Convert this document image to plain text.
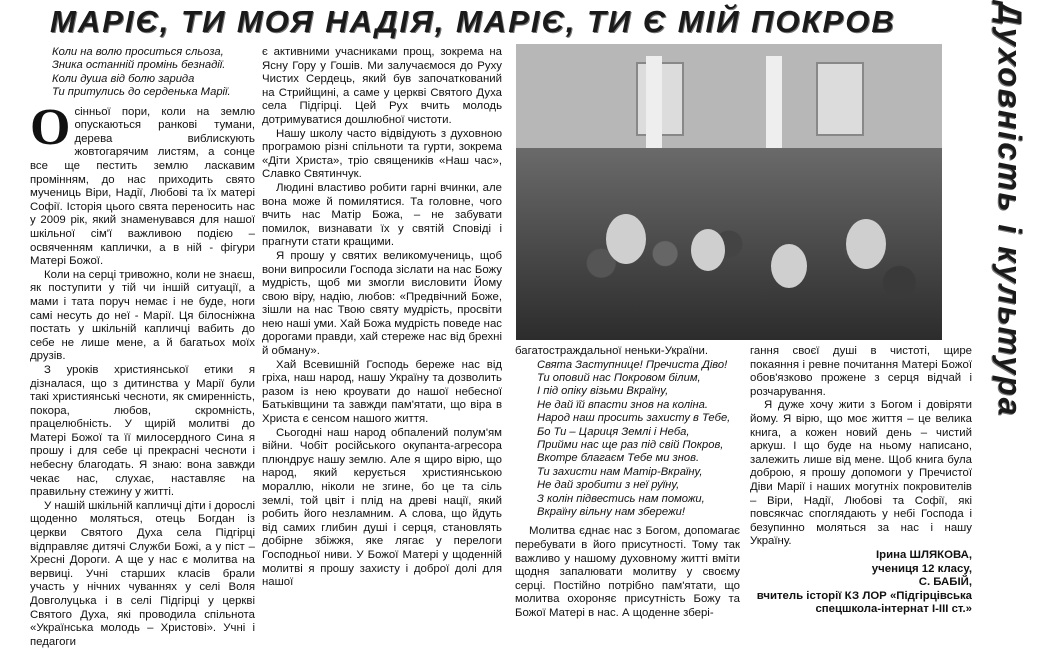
МАРІЄ, ТИ МОЯ НАДІЯ, МАРІЄ, ТИ Є МІЙ ПОКРОВ	Духовність і культура
Коли на волю проситься сльоза,
Зника останній промінь безнадії.
Коли душа від болю зарида
Ти притулись до серденька Марії.

Осінньої пори, коли на землю опускаються ранкові тумани, дерева виблискують жовтогарячим листям, а сонце все ще пестить землю ласкавим промінням, до нас приходить свято мучениць Віри, Надії, Любові та їх матері Софії. Історія цього свята переносить нас у 2009 рік, який знаменувався для нашої шкільної сім'ї важливою подією – освяченням каплички, а в ній - фігури Матері Божої.

Коли на серці тривожно, коли не знаєш, як поступити у тій чи іншій ситуації, а мами і тата поруч немає і не буде, ноги самі несуть до неї - Марії. Ця білосніжна постать у шкільній капличці вабить до себе не лише мене, а й багатьох моїх друзів.

З уроків християнської етики я дізналася, що з дитинства у Марії були такі християнські чесноти, як смиренність, покора, любов, скромність, працелюбність. У щирій молитві до Матері Божої та її милосердного Сина я прошу і для себе ці прекрасні чесноти і небесну благодать. Я знаю: вона завжди чекає нас, слухає, наставляє на правильну стежину у житті.

У нашій шкільній капличці діти і дорослі щоденно моляться, отець Богдан із церкви Святого Духа села Підгірці відправляє дитячі Служби Божі, а у піст – Хресні Дороги. А ще у нас є молитва на вервиці. Учні старших класів брали участь у нічних чуваннях у селі Воля Довголуцька і в селі Підгірці у церкві Святого Духа, які проводила спільнота «Українська молодь – Христові». Учні і педагоги

є активними учасниками прощ, зокрема на Ясну Гору у Гошів. Ми залучаємося до Руху Чистих Сердець, який був започаткований на Стрийщині, а саме у церкві Святого Духа села Підгірці. Цей Рух вчить молодь дотримуватися дошлюбної чистоти.

Нашу школу часто відвідують з духовною програмою різні спільноти та гурти, зокрема «Діти Христа», тріо священиків «Наш час», Славко Святинчук.

Людині властиво робити гарні вчинки, але вона може й помилятися. Та головне, чого вчить нас Матір Божа, – не забувати помилок, визнавати їх у святій Сповіді і прагнути стати кращими.

Я прошу у святих великомучениць, щоб вони випросили Господа зіслати на нас Божу мудрість, щоб ми змогли висловити Йому свою віру, надію, любов: «Предвічний Боже, зішли на нас Твою святу мудрість, просвіти нею наші уми. Хай Божа мудрість поведе нас дорогами правди, хай стереже нас від брехні й обману».

Хай Всевишній Господь береже нас від гріха, наш народ, нашу Україну та дозволить разом із нею кроувати до нашої небесної Батьківщини та завжди пам'ятати, що віра в Христа є сенсом нашого життя.

Сьогодні наш народ обпалений полум'ям війни. Чобіт російського окупанта-агресора плюндрує нашу землю. Але я щиро вірю, що народ, який керується християнською мораллю, ніколи не згине, бо це та сіль землі, той цвіт і плід на древі нації, який робить його незламним. А слова, що йдуть від самих глибин душі і серця, становлять добірне збіжжя, яке лягає у перелоги Господньої ниви. У Божої Матері у щоденній молитві я прошу захисту і доброї долі для нашої

багатостраждальної неньки-України.

Свята Заступнице! Пречиста Діво!
Ти оповий нас Покровом білим,
І під опіку візьми Вкраїну,
Не дай їй впасти знов на коліна.
Народ наш просить захисту в Тебе,
Бо Ти – Цариця Землі і Неба,
Прийми нас ще раз під свій Покров,
Вкотре благаєм Тебе ми знов.
Ти захисти нам Матір-Вкраїну,
Не дай зробити з неї руїну,
З колін підвестись нам поможи,
Вкраїну вільну нам збережи!

Молитва єднає нас з Богом, допомагає перебувати в його присутності. Тому так важливо у нашому духовному житті вміти щодня запалювати молитву у своєму серці. Постійно потрібно пам'ятати, що молитва охороняє присутність Божу та Божої Матері в нас. А щоденне збері-

гання своєї душі в чистоті, щире покаяння і ревне почитання Матері Божої обов'язково прожене з серця відчай і розчарування.

Я дуже хочу жити з Богом і довіряти йому. Я вірю, що моє життя – це велика книга, а кожен новий день – чистий аркуш. І що буде на ньому написано, залежить лише від мене. Щоб книга була доброю, я прошу допомоги у Пречистої Діви Марії і наших могутніх покровителів – Віри, Надії, Любові та Софії, які повсякчас споглядають у небі Господа і безупинно моляться за нас і нашу Україну.

Ірина ШЛЯКОВА,
учениця 12 класу,
С. БАБІЙ,
вчитель історії КЗ ЛОР «Підгірцівська спецшкола-інтернат І-ІІІ ст.»
